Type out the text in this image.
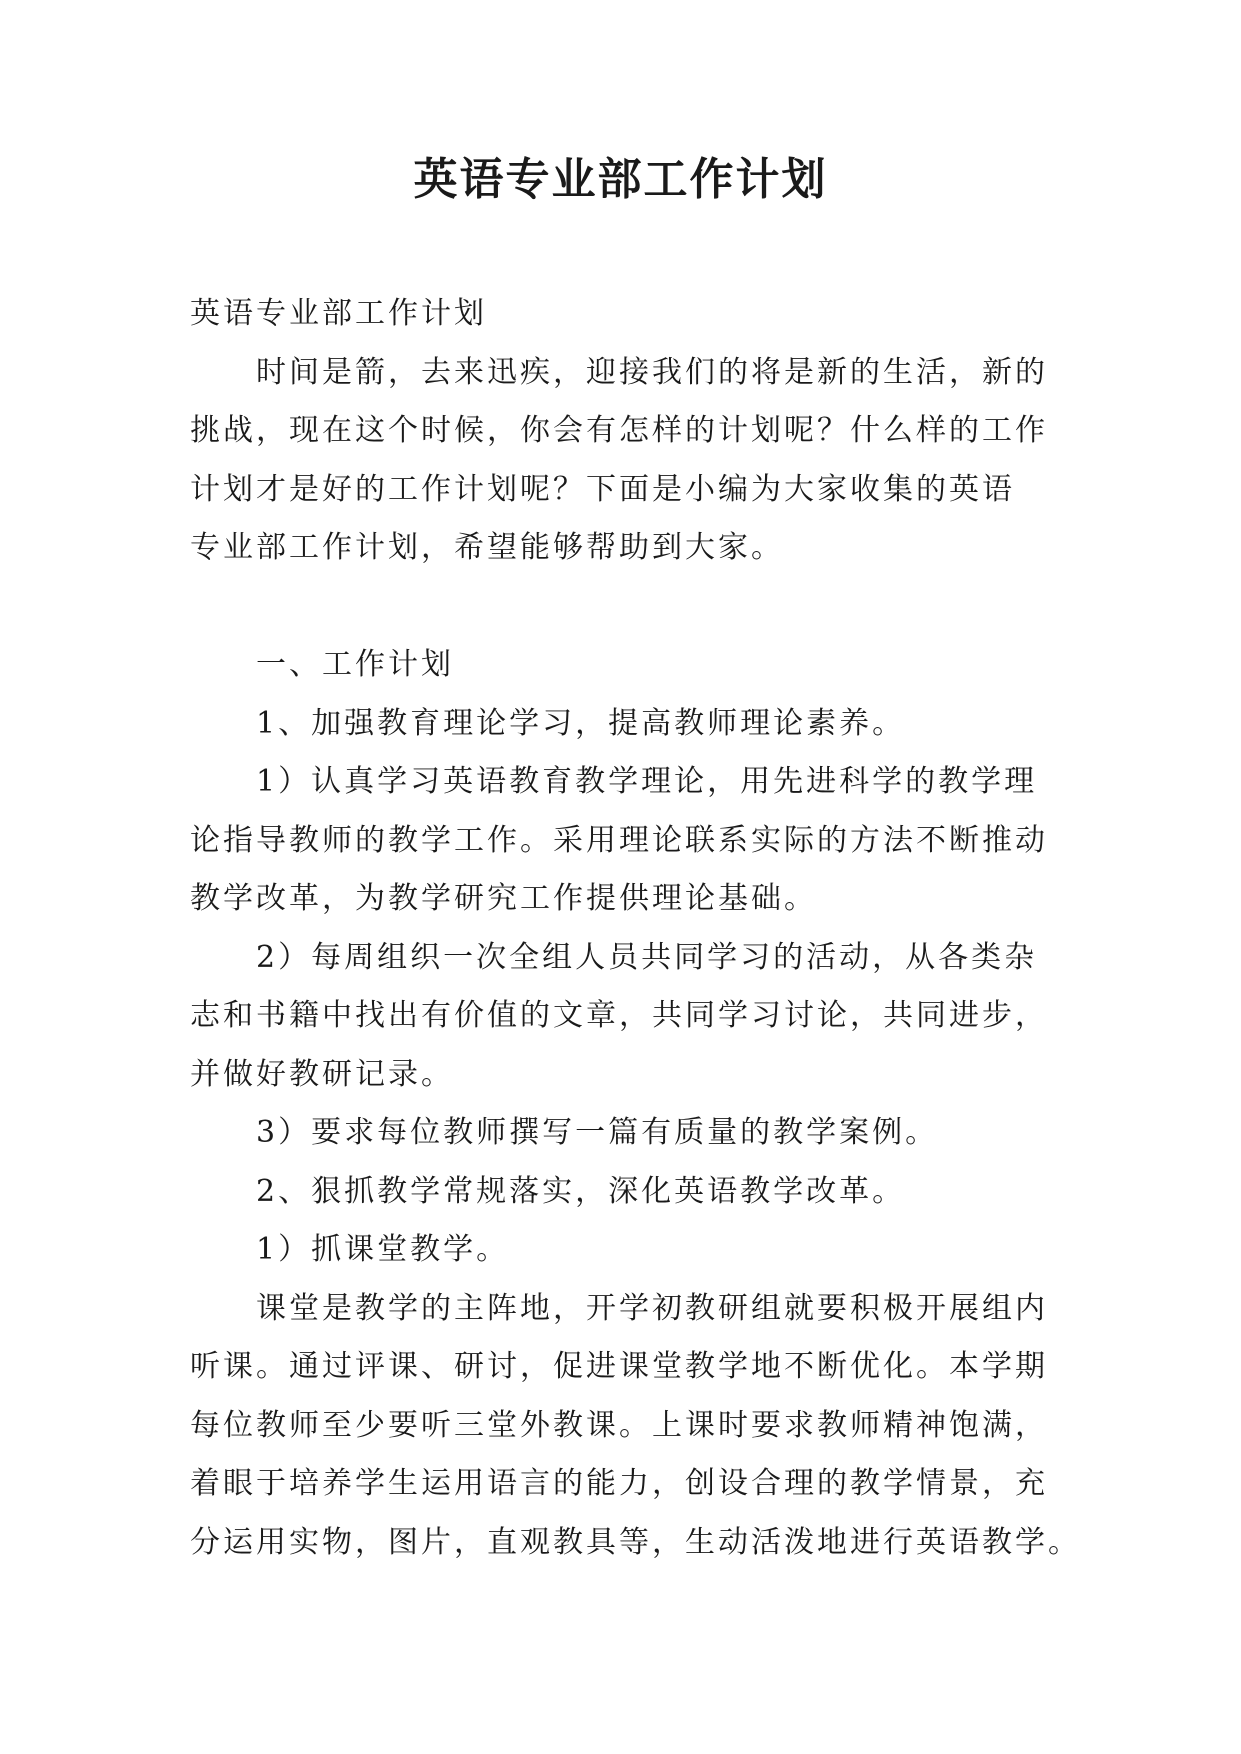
英语专业部工作计划

英语专业部工作计划

时间是箭，去来迅疾，迎接我们的将是新的生活，新的

挑战，现在这个时候，你会有怎样的计划呢？什么样的工作

计划才是好的工作计划呢？下面是小编为大家收集的英语

专业部工作计划，希望能够帮助到大家。

一、工作计划

1、加强教育理论学习，提高教师理论素养。

1）认真学习英语教育教学理论，用先进科学的教学理

论指导教师的教学工作。采用理论联系实际的方法不断推动

教学改革，为教学研究工作提供理论基础。

2）每周组织一次全组人员共同学习的活动，从各类杂

志和书籍中找出有价值的文章，共同学习讨论，共同进步，

并做好教研记录。

3）要求每位教师撰写一篇有质量的教学案例。

2、狠抓教学常规落实，深化英语教学改革。

1）抓课堂教学。

课堂是教学的主阵地，开学初教研组就要积极开展组内

听课。通过评课、研讨，促进课堂教学地不断优化。本学期

每位教师至少要听三堂外教课。上课时要求教师精神饱满，

着眼于培养学生运用语言的能力，创设合理的教学情景，充

分运用实物，图片，直观教具等，生动活泼地进行英语教学。
